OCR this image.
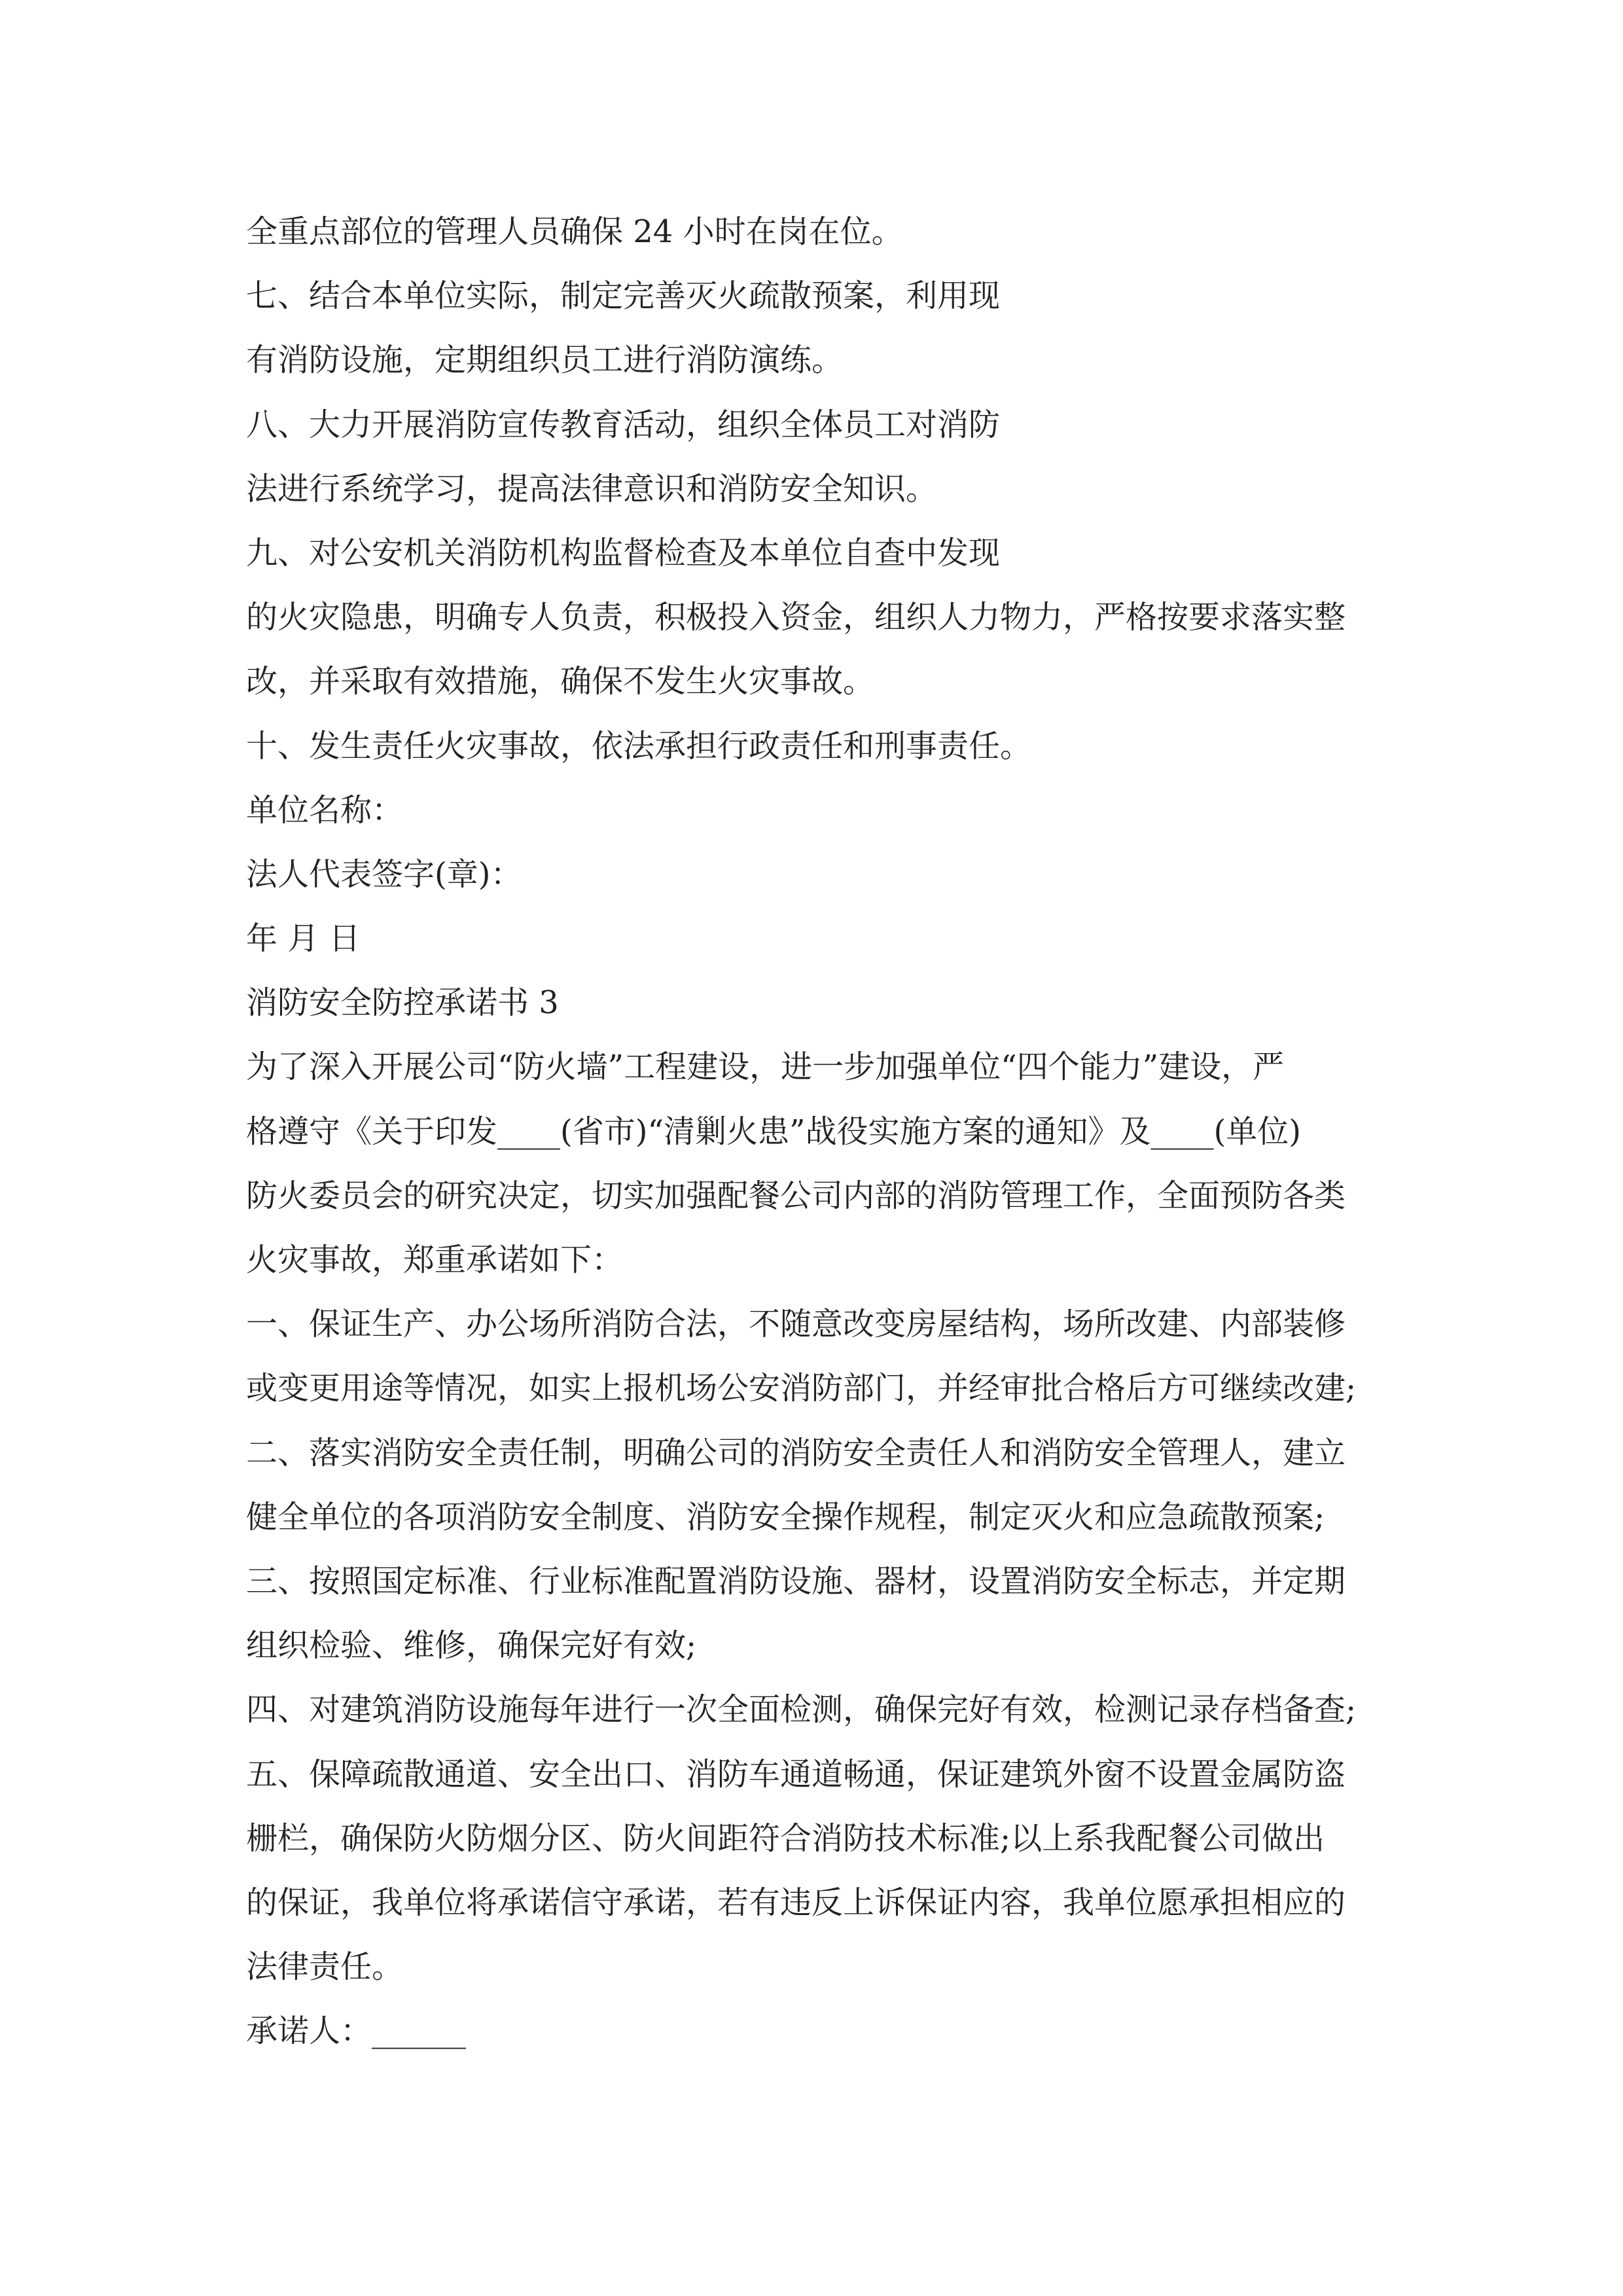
全重点部位的管理人员确保 24 小时在岗在位。
七、结合本单位实际，制定完善灭火疏散预案，利用现
有消防设施，定期组织员工进行消防演练。
八、大力开展消防宣传教育活动，组织全体员工对消防
法进行系统学习，提高法律意识和消防安全知识。
九、对公安机关消防机构监督检查及本单位自查中发现
的火灾隐患，明确专人负责，积极投入资金，组织人力物力，严格按要求落实整
改，并采取有效措施，确保不发生火灾事故。
十、发生责任火灾事故，依法承担行政责任和刑事责任。
单位名称：
法人代表签字(章)：
年 月 日
消防安全防控承诺书 3
为了深入开展公司“防火墙”工程建设，进一步加强单位“四个能力”建设，严
格遵守《关于印发____(省市)“清剿火患”战役实施方案的通知》及____(单位)
防火委员会的研究决定，切实加强配餐公司内部的消防管理工作，全面预防各类
火灾事故，郑重承诺如下：
一、保证生产、办公场所消防合法，不随意改变房屋结构，场所改建、内部装修
或变更用途等情况，如实上报机场公安消防部门，并经审批合格后方可继续改建;
二、落实消防安全责任制，明确公司的消防安全责任人和消防安全管理人，建立
健全单位的各项消防安全制度、消防安全操作规程，制定灭火和应急疏散预案;
三、按照国定标准、行业标准配置消防设施、器材，设置消防安全标志，并定期
组织检验、维修，确保完好有效;
四、对建筑消防设施每年进行一次全面检测，确保完好有效，检测记录存档备查;
五、保障疏散通道、安全出口、消防车通道畅通，保证建筑外窗不设置金属防盗
栅栏，确保防火防烟分区、防火间距符合消防技术标准;以上系我配餐公司做出
的保证，我单位将承诺信守承诺，若有违反上诉保证内容，我单位愿承担相应的
法律责任。
承诺人：______
